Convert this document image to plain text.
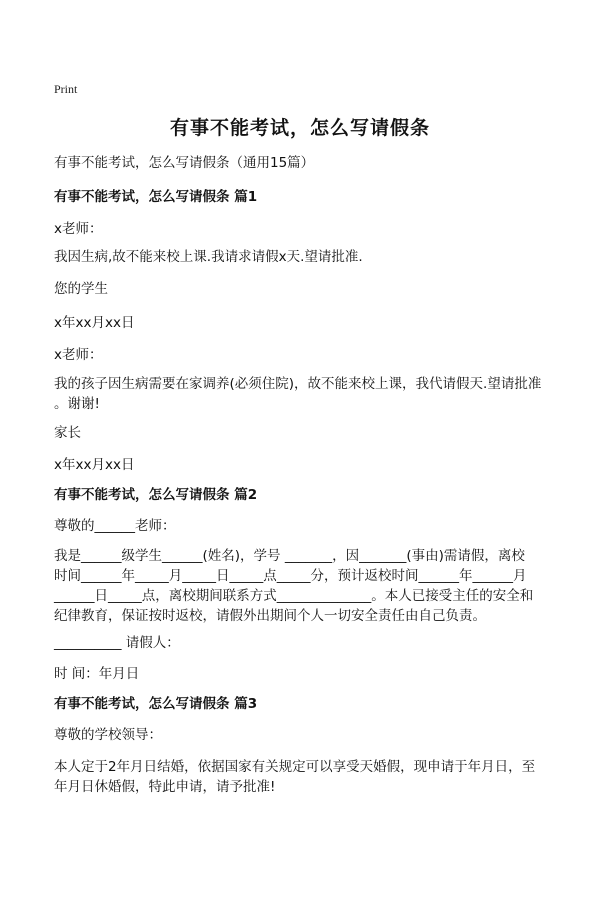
Print
有事不能考试，怎么写请假条
有事不能考试，怎么写请假条（通用15篇）
有事不能考试，怎么写请假条 篇1
x老师：
我因生病,故不能来校上课.我请求请假x天.望请批准.
您的学生
x年xx月xx日
x老师：
我的孩子因生病需要在家调养(必须住院)，故不能来校上课，我代请假天.望请批准
。谢谢!
家长
x年xx月xx日
有事不能考试，怎么写请假条 篇2
尊敬的______老师：
我是______级学生______(姓名)，学号 _______，因_______(事由)需请假，离校
时间______年_____月_____日_____点_____分，预计返校时间______年______月
______日_____点，离校期间联系方式______________。本人已接受主任的安全和
纪律教育，保证按时返校，请假外出期间个人一切安全责任由自己负责。
__________ 请假人：
时 间：年月日
有事不能考试，怎么写请假条 篇3
尊敬的学校领导：
本人定于2年月日结婚，依据国家有关规定可以享受天婚假，现申请于年月日，至
年月日休婚假，特此申请，请予批准!
